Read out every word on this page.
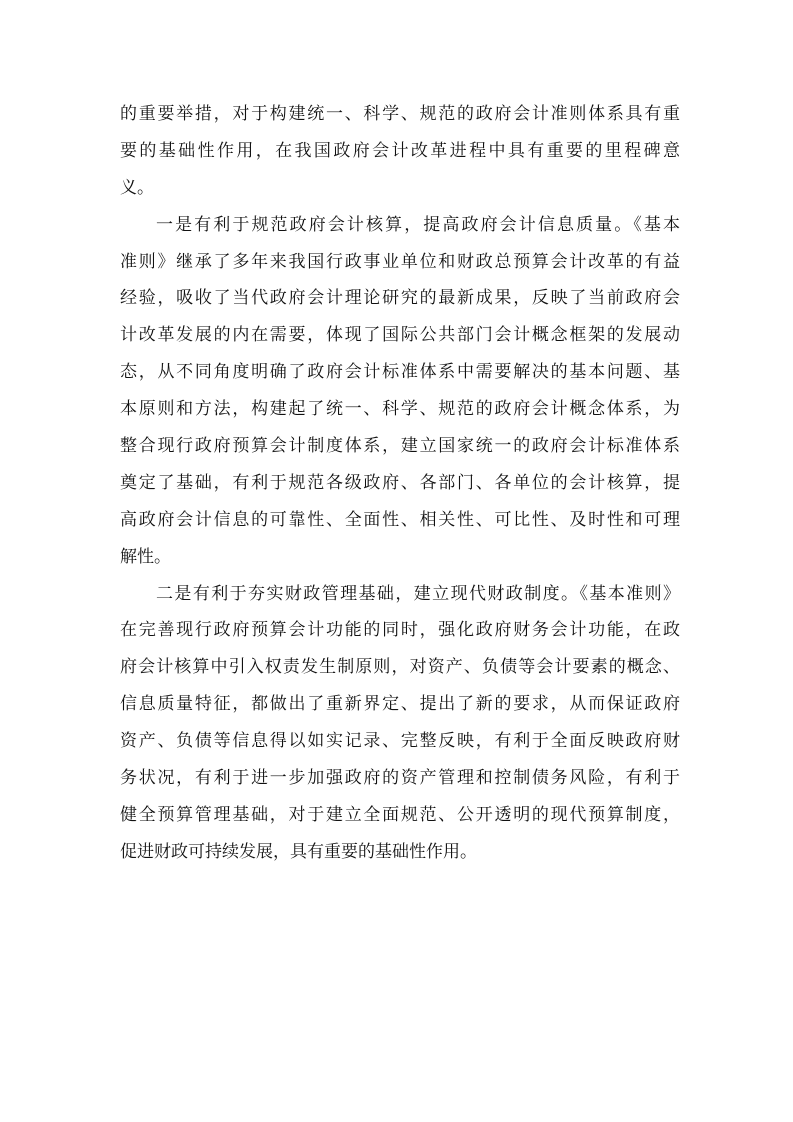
的重要举措，对于构建统一、科学、规范的政府会计准则体系具有重
要的基础性作用，在我国政府会计改革进程中具有重要的里程碑意
义。
一是有利于规范政府会计核算，提高政府会计信息质量。《基本
准则》继承了多年来我国行政事业单位和财政总预算会计改革的有益
经验，吸收了当代政府会计理论研究的最新成果，反映了当前政府会
计改革发展的内在需要，体现了国际公共部门会计概念框架的发展动
态，从不同角度明确了政府会计标准体系中需要解决的基本问题、基
本原则和方法，构建起了统一、科学、规范的政府会计概念体系，为
整合现行政府预算会计制度体系，建立国家统一的政府会计标准体系
奠定了基础，有利于规范各级政府、各部门、各单位的会计核算，提
高政府会计信息的可靠性、全面性、相关性、可比性、及时性和可理
解性。
二是有利于夯实财政管理基础，建立现代财政制度。《基本准则》
在完善现行政府预算会计功能的同时，强化政府财务会计功能，在政
府会计核算中引入权责发生制原则，对资产、负债等会计要素的概念、
信息质量特征，都做出了重新界定、提出了新的要求，从而保证政府
资产、负债等信息得以如实记录、完整反映，有利于全面反映政府财
务状况，有利于进一步加强政府的资产管理和控制债务风险，有利于
健全预算管理基础，对于建立全面规范、公开透明的现代预算制度，
促进财政可持续发展，具有重要的基础性作用。
